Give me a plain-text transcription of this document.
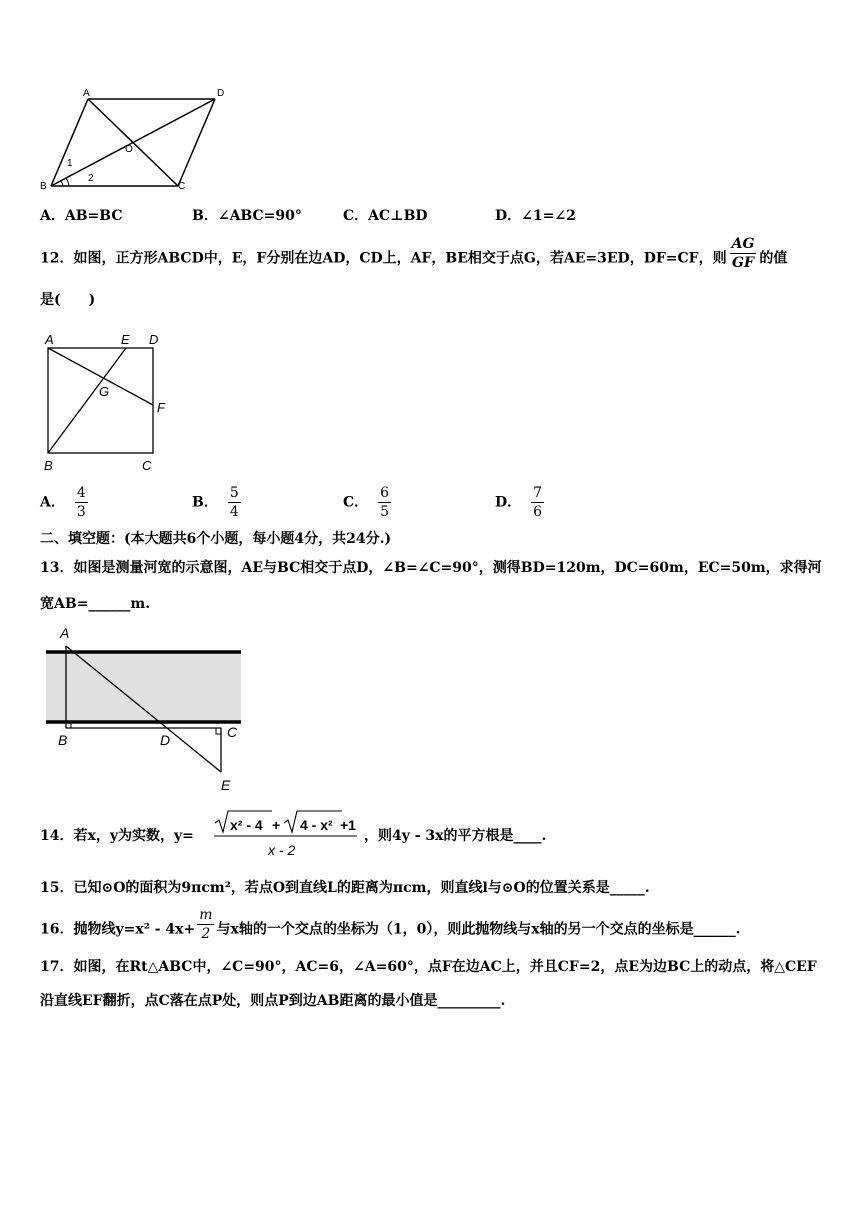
A	D
O
B	C
1
2
A．AB=BC	B．∠ABC=90°	C．AC⊥BD	D．∠1=∠2
12．如图，正方形ABCD中，E，F分别在边AD，CD上，AF，BE相交于点G，若AE=3ED，DF=CF，则 $\frac{AG}{GF}$ 的值
是(　　)
A	E D
G
F
B	C
A． $\frac{4}{3}$	B． $\frac{5}{4}$	C． $\frac{6}{5}$	D． $\frac{7}{6}$
二、填空题：(本大题共6个小题，每小题4分，共24分.)
13．如图是测量河宽的示意图，AE与BC相交于点D，∠B=∠C=90°，测得BD=120m，DC=60m，EC=50m，求得河
宽AB=______m.
A
B	D	C
E
14．若x，y为实数，y=
x² - 4 + 4 - x² +1
x - 2
，则4y - 3x的平方根是____.
15．已知⊙O的面积为9πcm²，若点O到直线L的距离为πcm，则直线l与⊙O的位置关系是_____.
16．抛物线$y=x^2 - 4x+ \frac{m}{2}$ 与x轴的一个交点的坐标为（1，0），则此抛物线与x轴的另一个交点的坐标是______.
17．如图，在Rt△ABC中，∠C=90°，AC=6，∠A=60°，点F在边AC上，并且CF=2，点E为边BC上的动点，将△CEF
沿直线EF翻折，点C落在点P处，则点P到边AB距离的最小值是_________.
